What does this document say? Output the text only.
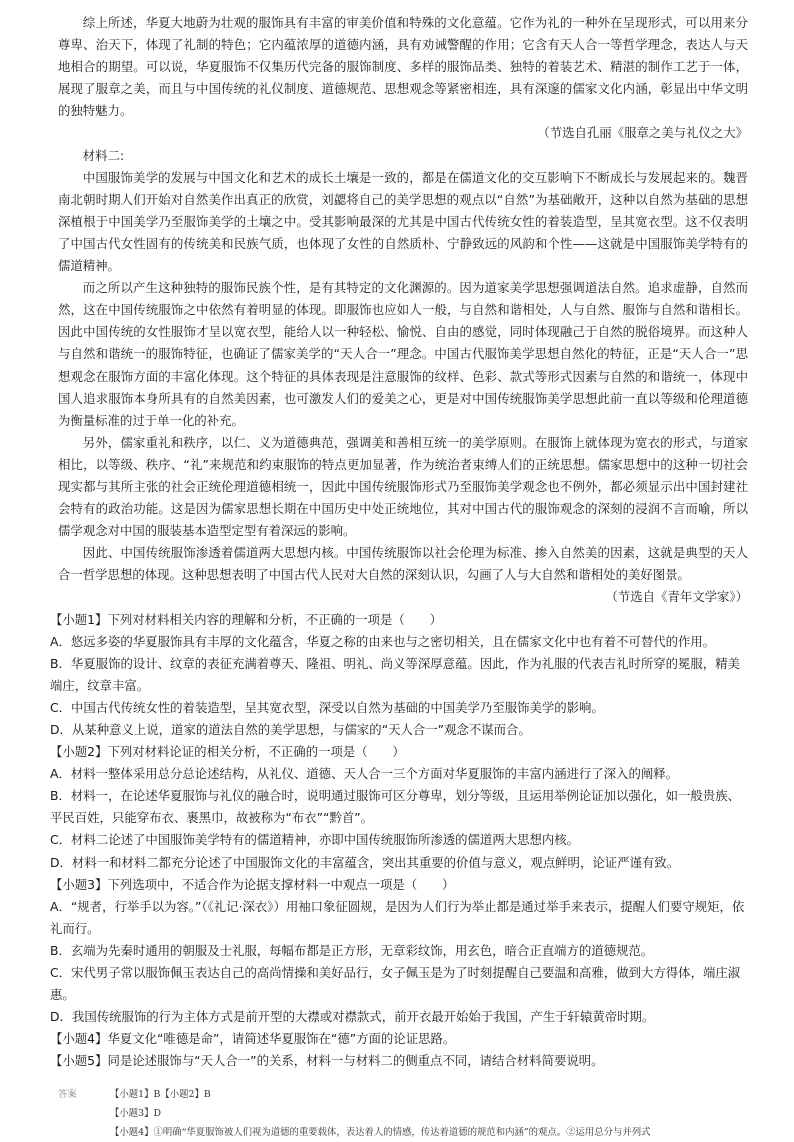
综上所述，华夏大地蔚为壮观的服饰具有丰富的审美价值和特殊的文化意蕴。它作为礼的一种外在呈现形式，可以用来分尊卑、治天下，体现了礼制的特色；它内蕴浓厚的道德内涵，具有劝诫警醒的作用；它含有天人合一等哲学理念，表达人与天地相合的期望。可以说，华夏服饰不仅集历代完备的服饰制度、多样的服饰品类、独特的着装艺术、精湛的制作工艺于一体，展现了服章之美，而且与中国传统的礼仪制度、道德规范、思想观念等紧密相连，具有深邃的儒家文化内涵，彰显出中华文明的独特魅力。

（节选自孔丽《服章之美与礼仪之大》

材料二:

中国服饰美学的发展与中国文化和艺术的成长土壤是一致的，都是在儒道文化的交互影响下不断成长与发展起来的。魏晋南北朝时期人们开始对自然美作出真正的欣赏，刘勰将自己的美学思想的观点以“自然”为基础敞开，这种以自然为基础的思想深植根于中国美学乃至服饰美学的土壤之中。受其影响最深的尤其是中国古代传统女性的着装造型，呈其宽衣型。这不仅表明了中国古代女性固有的传统美和民族气质，也体现了女性的自然质朴、宁静致远的风韵和个性——这就是中国服饰美学特有的儒道精神。

而之所以产生这种独特的服饰民族个性，是有其特定的文化渊源的。因为道家美学思想强调道法自然。追求虚静，自然而然，这在中国传统服饰之中依然有着明显的体现。即服饰也应如人一般，与自然和谐相处，人与自然、服饰与自然和谐相长。因此中国传统的女性服饰才呈以宽衣型，能给人以一种轻松、愉悦、自由的感觉，同时体现融己于自然的脱俗境界。而这种人与自然和谐统一的服饰特征，也确证了儒家美学的“天人合一”理念。中国古代服饰美学思想自然化的特征，正是“天人合一”思想观念在服饰方面的丰富化体现。这个特征的具体表现是注意服饰的纹样、色彩、款式等形式因素与自然的和谐统一，体现中国人追求服饰本身所具有的自然美因素，也可激发人们的爱美之心，更是对中国传统服饰美学思想此前一直以等级和伦理道德为衡量标准的过于单一化的补充。

另外，儒家重礼和秩序，以仁、义为道德典范，强调美和善相互统一的美学原则。在服饰上就体现为宽衣的形式，与道家相比，以等级、秩序、“礼”来规范和约束服饰的特点更加显著，作为统治者束缚人们的正统思想。儒家思想中的这种一切社会现实都与其所主张的社会正统伦理道德相统一，因此中国传统服饰形式乃至服饰美学观念也不例外，都必须显示出中国封建社会特有的政治功能。这是因为儒家思想长期在中国历史中处正统地位，其对中国古代的服饰观念的深刻的浸润不言而喻，所以儒学观念对中国的服装基本造型定型有着深远的影响。

因此、中国传统服饰渗透着儒道两大思想内核。中国传统服饰以社会伦理为标准、掺入自然美的因素，这就是典型的天人合一哲学思想的体现。这种思想表明了中国古代人民对大自然的深刻认识，勾画了人与大自然和谐相处的美好图景。

（节选自《青年文学家》）

【小题1】下列对材料相关内容的理解和分析，不正确的一项是（　　）

A．悠远多姿的华夏服饰具有丰厚的文化蕴含，华夏之称的由来也与之密切相关，且在儒家文化中也有着不可替代的作用。

B．华夏服饰的设计、纹章的表征充满着尊天、隆祖、明礼、尚义等深厚意蕴。因此，作为礼服的代表吉礼时所穿的冕服，精美端庄，纹章丰富。

C．中国古代传统女性的着装造型，呈其宽衣型，深受以自然为基础的中国美学乃至服饰美学的影响。

D．从某种意义上说，道家的道法自然的美学思想，与儒家的“天人合一”观念不谋而合。

【小题2】下列对材料论证的相关分析，不正确的一项是（　　）

A．材料一整体采用总分总论述结构，从礼仪、道德、天人合一三个方面对华夏服饰的丰富内涵进行了深入的阐释。

B．材料一，在论述华夏服饰与礼仪的融合时，说明通过服饰可区分尊卑，划分等级，且运用举例论证加以强化，如一般贵族、平民百姓，只能穿布衣、裹黑巾，故被称为“布衣”“黔首”。

C．材料二论述了中国服饰美学特有的儒道精神，亦即中国传统服饰所渗透的儒道两大思想内核。

D．材料一和材料二都充分论述了中国服饰文化的丰富蕴含，突出其重要的价值与意义，观点鲜明，论证严谨有致。

【小题3】下列选项中，不适合作为论据支撑材料一中观点一项是（　　）

A．“规者，行举手以为容。”（《礼记·深衣》）用袖口象征圆规，是因为人们行为举止都是通过举手来表示，提醒人们要守规矩，依礼而行。

B．玄端为先秦时通用的朝服及士礼服，每幅布都是正方形，无章彩纹饰，用玄色，暗合正直端方的道德规范。

C．宋代男子常以服饰佩玉表达自己的高尚情操和美好品行，女子佩玉是为了时刻提醒自己要温和高雅，做到大方得体，端庄淑惠。

D．我国传统服饰的行为主体方式是前开型的大襟或对襟款式，前开衣最开始始于我国，产生于轩辕黄帝时期。

【小题4】华夏文化“唯德是命”，请简述华夏服饰在“德”方面的论证思路。

【小题5】同是论述服饰与“天人合一”的关系，材料一与材料二的侧重点不同，请结合材料简要说明。

答案	【小题1】B【小题2】B

【小题3】D

【小题4】①明确“华夏服饰被人们视为道德的重要载体，表达着人的情感，传达着道德的规范和内涵”的观点。②运用总分与并列式
